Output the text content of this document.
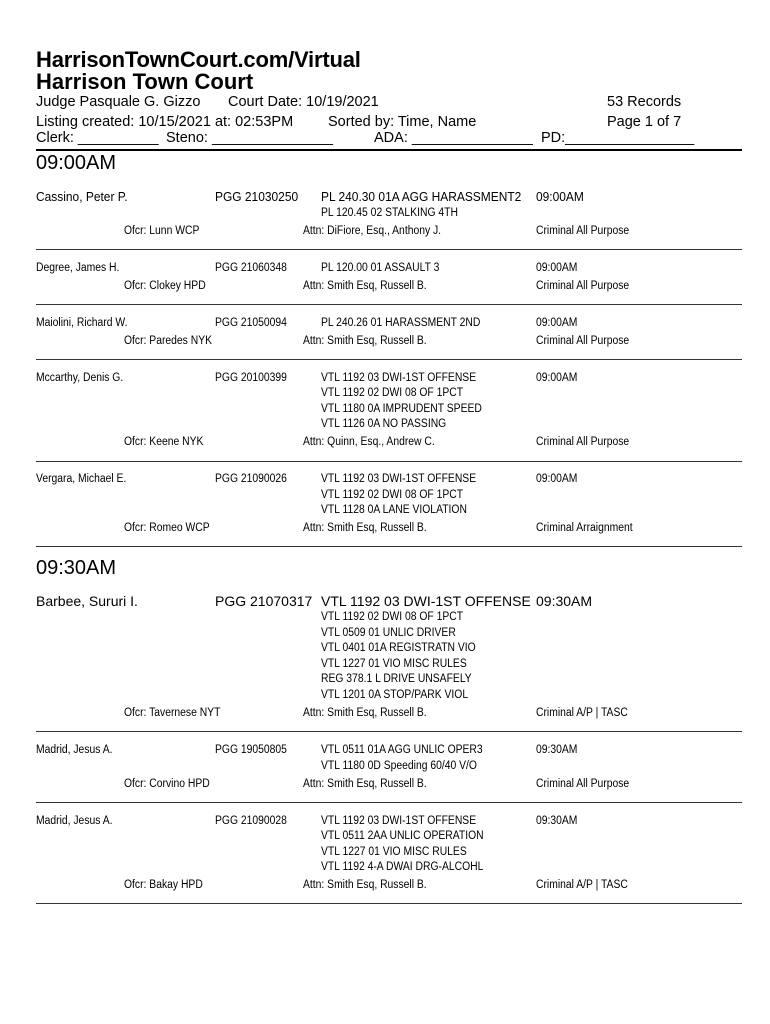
HarrisonTownCourt.com/Virtual
Harrison Town Court
Judge Pasquale G. Gizzo Court Date: 10/19/2021	53 Records
Listing created: 10/15/2021 at: 02:53PM Sorted by: Time, Name	Page 1 of 7
Clerk: __________ Steno: _______________	ADA: _______________ PD:________________
09:00AM
Cassino, Peter P.	PGG 21030250 PL 240.30 01A AGG HARASSMENT2 09:00AM
PL 120.45 02 STALKING 4TH
Ofcr: Lunn WCP	Attn: DiFiore, Esq., Anthony J.	Criminal All Purpose
Degree, James H.	PGG 21060348	PL 120.00 01 ASSAULT 3	09:00AM
Ofcr: Clokey HPD	Attn: Smith Esq, Russell B.	Criminal All Purpose
Maiolini, Richard W.	PGG 21050094	PL 240.26 01 HARASSMENT 2ND	09:00AM
Ofcr: Paredes NYK	Attn: Smith Esq, Russell B.	Criminal All Purpose
Mccarthy, Denis G.	PGG 20100399	VTL 1192 03 DWI-1ST OFFENSE	09:00AM
VTL 1192 02 DWI 08 OF 1PCT
VTL 1180 0A IMPRUDENT SPEED
VTL 1126 0A NO PASSING
Ofcr: Keene NYK	Attn: Quinn, Esq., Andrew C.	Criminal All Purpose
Vergara, Michael E.	PGG 21090026	VTL 1192 03 DWI-1ST OFFENSE	09:00AM
VTL 1192 02 DWI 08 OF 1PCT
VTL 1128 0A LANE VIOLATION
Ofcr: Romeo WCP	Attn: Smith Esq, Russell B.	Criminal Arraignment
09:30AM
Barbee, Sururi I.	PGG 21070317 VTL 1192 03 DWI-1ST OFFENSE 09:30AM
VTL 1192 02 DWI 08 OF 1PCT
VTL 0509 01 UNLIC DRIVER
VTL 0401 01A REGISTRATN VIO
VTL 1227 01 VIO MISC RULES
REG 378.1 L DRIVE UNSAFELY
VTL 1201 0A STOP/PARK VIOL
Ofcr: Tavernese NYT	Attn: Smith Esq, Russell B.	Criminal A/P | TASC
Madrid, Jesus A.	PGG 19050805	VTL 0511 01A AGG UNLIC OPER3	09:30AM
VTL 1180 0D Speeding 60/40 V/O
Ofcr: Corvino HPD	Attn: Smith Esq, Russell B.	Criminal All Purpose
Madrid, Jesus A.	PGG 21090028	VTL 1192 03 DWI-1ST OFFENSE	09:30AM
VTL 0511 2AA UNLIC OPERATION
VTL 1227 01 VIO MISC RULES
VTL 1192 4-A DWAI DRG-ALCOHL
Ofcr: Bakay HPD	Attn: Smith Esq, Russell B.	Criminal A/P | TASC
